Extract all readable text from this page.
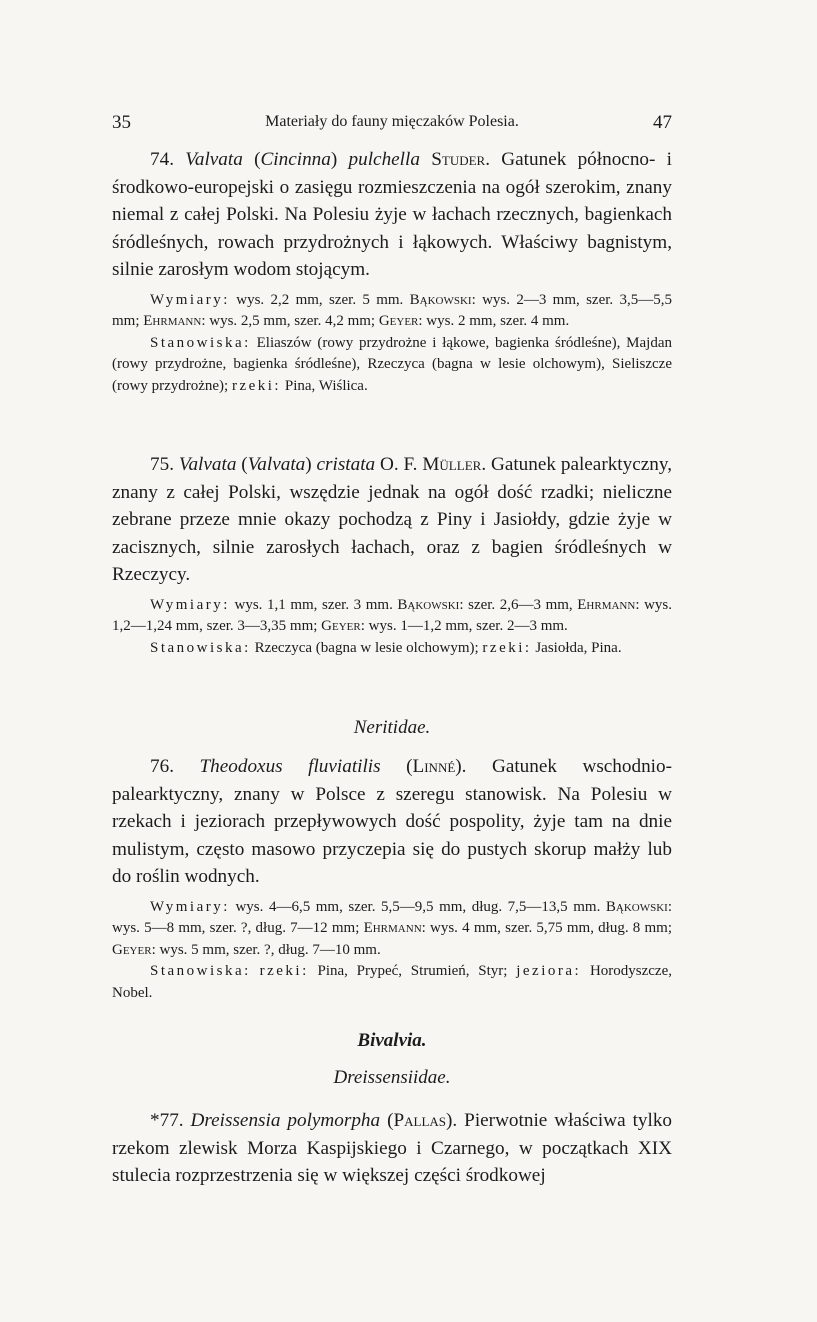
35	Materiały do fauny mięczaków Polesia.	47

74. Valvata (Cincinna) pulchella Studer. Gatunek północno- i środkowo-europejski o zasięgu rozmieszczenia na ogół szerokim, znany niemal z całej Polski. Na Polesiu żyje w łachach rzecznych, bagienkach śródleśnych, rowach przydrożnych i łąkowych. Właściwy bagnistym, silnie zarosłym wodom stojącym.

Wymiary: wys. 2,2 mm, szer. 5 mm. Bąkowski: wys. 2—3 mm, szer. 3,5—5,5 mm; Ehrmann: wys. 2,5 mm, szer. 4,2 mm; Geyer: wys. 2 mm, szer. 4 mm.

Stanowiska: Eliaszów (rowy przydrożne i łąkowe, bagienka śródleśne), Majdan (rowy przydrożne, bagienka śródleśne), Rzeczyca (bagna w lesie olchowym), Sieliszcze (rowy przydrożne); rzeki: Pina, Wiślica.

75. Valvata (Valvata) cristata O. F. Müller. Gatunek palearktyczny, znany z całej Polski, wszędzie jednak na ogół dość rzadki; nieliczne zebrane przeze mnie okazy pochodzą z Piny i Jasiołdy, gdzie żyje w zacisznych, silnie zarosłych łachach, oraz z bagien śródleśnych w Rzeczycy.

Wymiary: wys. 1,1 mm, szer. 3 mm. Bąkowski: szer. 2,6—3 mm, Ehrmann: wys. 1,2—1,24 mm, szer. 3—3,35 mm; Geyer: wys. 1—1,2 mm, szer. 2—3 mm.

Stanowiska: Rzeczyca (bagna w lesie olchowym); rzeki: Jasiołda, Pina.

Neritidae.

76. Theodoxus fluviatilis (Linné). Gatunek wschodnio-palearktyczny, znany w Polsce z szeregu stanowisk. Na Polesiu w rzekach i jeziorach przepływowych dość pospolity, żyje tam na dnie mulistym, często masowo przyczepia się do pustych skorup małży lub do roślin wodnych.

Wymiary: wys. 4—6,5 mm, szer. 5,5—9,5 mm, dług. 7,5—13,5 mm. Bąkowski: wys. 5—8 mm, szer. ?, dług. 7—12 mm; Ehrmann: wys. 4 mm, szer. 5,75 mm, dług. 8 mm; Geyer: wys. 5 mm, szer. ?, dług. 7—10 mm.

Stanowiska: rzeki: Pina, Prypeć, Strumień, Styr; jeziora: Horodyszcze, Nobel.

Bivalvia.

Dreissensiidae.

*77. Dreissensia polymorpha (Pallas). Pierwotnie właściwa tylko rzekom zlewisk Morza Kaspijskiego i Czarnego, w początkach XIX stulecia rozprzestrzenia się w większej części środkowej
